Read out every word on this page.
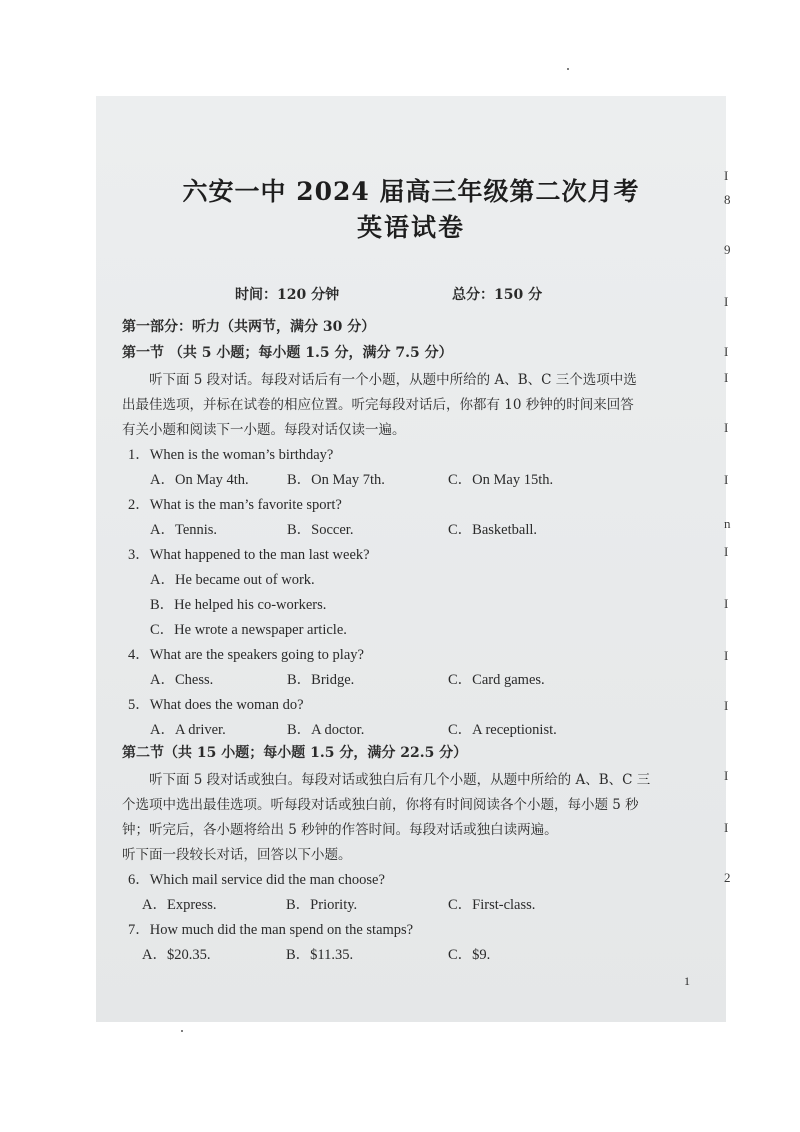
六安一中 2024 届高三年级第二次月考
英语试卷
时间：120 分钟	总分：150 分
第一部分：听力（共两节，满分 30 分）
第一节 （共 5 小题；每小题 1.5 分，满分 7.5 分）
听下面 5 段对话。每段对话后有一个小题，从题中所给的 A、B、C 三个选项中选
出最佳选项，并标在试卷的相应位置。听完每段对话后，你都有 10 秒钟的时间来回答
有关小题和阅读下一小题。每段对话仅读一遍。
1．When is the woman’s birthday?
A．On May 4th.	B．On May 7th.	C．On May 15th.
2．What is the man’s favorite sport?
A．Tennis.	B．Soccer.	C．Basketball.
3．What happened to the man last week?
A．He became out of work.
B．He helped his co-workers.
C．He wrote a newspaper article.
4．What are the speakers going to play?
A．Chess.	B．Bridge.	C．Card games.
5．What does the woman do?
A．A driver.	B．A doctor.	C．A receptionist.
第二节（共 15 小题；每小题 1.5 分，满分 22.5 分）
听下面 5 段对话或独白。每段对话或独白后有几个小题，从题中所给的 A、B、C 三
个选项中选出最佳选项。听每段对话或独白前，你将有时间阅读各个小题，每小题 5 秒
钟；听完后，各小题将给出 5 秒钟的作答时间。每段对话或独白读两遍。
听下面一段较长对话，回答以下小题。
6．Which mail service did the man choose?
A．Express.	B．Priority.	C．First-class.
7．How much did the man spend on the stamps?
A．$20.35.	B．$11.35.	C．$9.
1
I
8
9
I
I
I
I
I
n
I
I
I
I
I
I
2
